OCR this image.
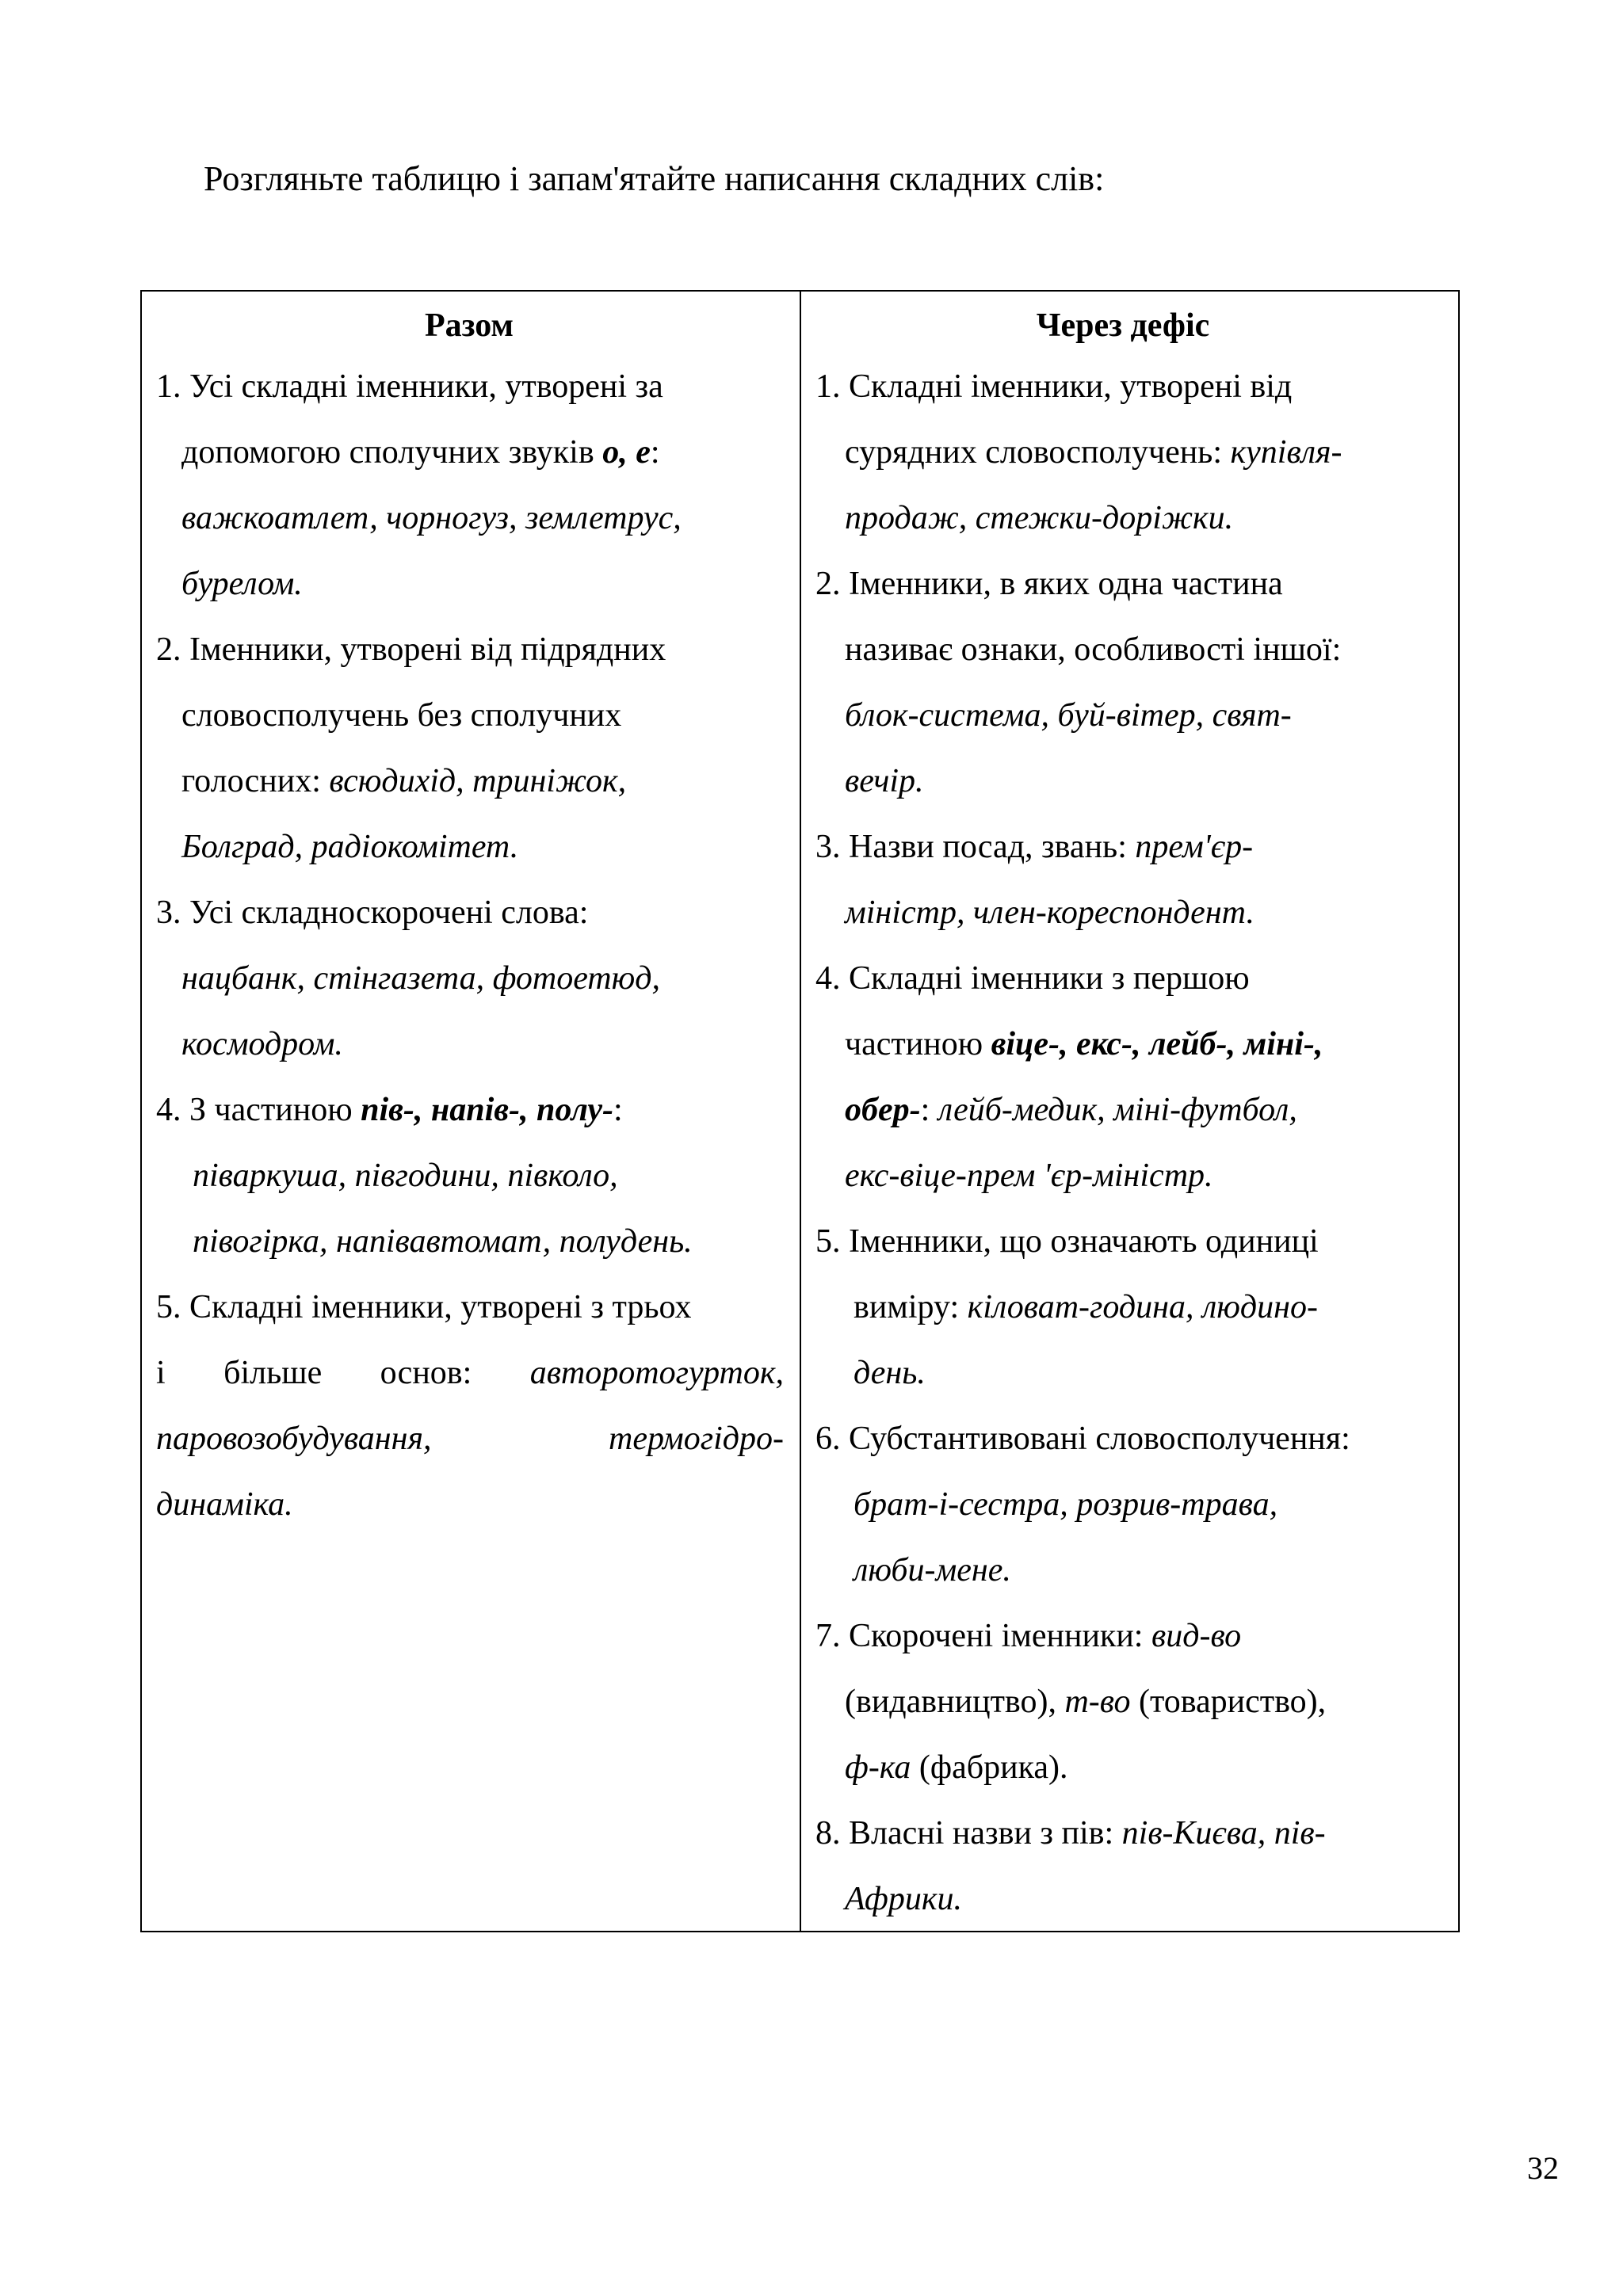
Розгляньте таблицю і запам'ятайте написання складних слів:
Разом
1. Усі складні іменники, утворені за
допомогою сполучних звуків о, е:
важкоатлет, чорногуз, землетрус,
бурелом.
2. Іменники, утворені від підрядних
словосполучень без сполучних
голосних: всюдихід, триніжок,
Болград, радіокомітет.
3. Усі складноскорочені слова:
нацбанк, стінгазета, фотоетюд,
космодром.
4. З частиною пів-, напів-, полу-:
піваркуша, півгодини, півколо,
півогірка, напівавтомат, полудень.
5. Складні іменники, утворені з трьох
і більше основ: авторотогурток,
паровозобудування,	термогідро-
динаміка.
Через дефіс
1. Складні іменники, утворені від
сурядних словосполучень: купівля-
продаж, стежки-доріжки.
2. Іменники, в яких одна частина
називає ознаки, особливості іншої:
блок-система, буй-вітер, свят-
вечір.
3. Назви посад, звань: прем'єр-
міністр, член-кореспондент.
4. Складні іменники з першою
частиною віце-, екс-, лейб-, міні-,
обер-: лейб-медик, міні-футбол,
екс-віце-прем 'єр-міністр.
5. Іменники, що означають одиниці
виміру: кіловат-година, людино-
день.
6. Субстантивовані словосполучення:
брат-і-сестра, розрив-трава,
люби-мене.
7. Скорочені іменники: вид-во
(видавництво), т-во (товариство),
ф-ка (фабрика).
8. Власні назви з пів: пів-Києва, пів-
Африки.
32
